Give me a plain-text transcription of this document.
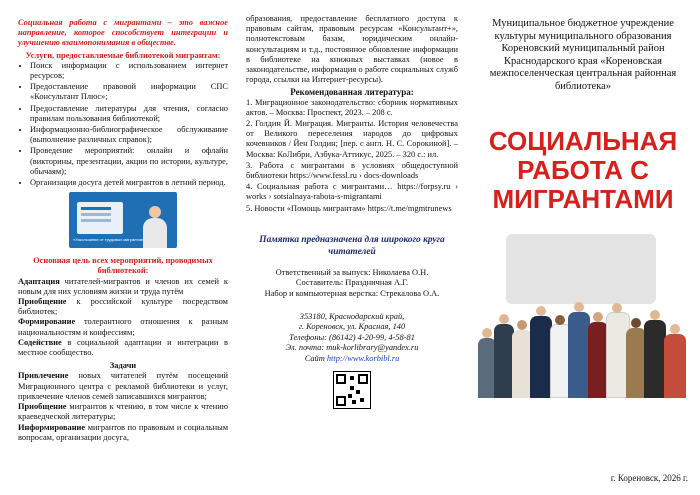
Социальная работа с мигрантами – это важное направление, которое способствует интеграции и улучшению взаимопонимания в обществе.

Услуги, предоставляемые библиотекой мигрантам:

• Поиск информации с использованием интернет ресурсов;
• Предоставление правовой информации СПС «Консультант Плюс»;
• Предоставление литературы для чтения, согласно правилам пользования библиотекой;
• Информационно-библиографическое обслуживание (выполнение различных справок);
• Проведение мероприятий: онлайн и офлайн (викторины, презентации, акции по истории, культуре, обычаям);
• Организация досуга детей мигрантов в летний период.
«Ускользание от трудовых мигрантов»

Основная цель всех мероприятий, проводимых библиотекой:

Адаптация читателей-мигрантов и членов их семей к новым для них условиям жизни и труда путём

Приобщение к российской культуре посредством библиотек;

Формирование толерантного отношения к разным национальностям и конфессиям;

Содействие в социальной адаптации и интеграции в местное сообщество.

Задачи

Привлечение новых читателей путём посещений Миграционного центра с рекламой библиотеки и услуг, привлечение членов семей записавшихся мигрантов;

Приобщение мигрантов к чтению, в том числе к чтению краеведческой литературы;

Информирование мигрантов по правовым и социальным вопросам, организации досуга,

образования, предоставление бесплатного доступа к правовым сайтам, правовым ресурсам «Консультант+», полнотекстовым базам, юридическим онлайн-консультациям и т.д., постоянное обновление информации в библиотеке на книжных выставках (новое в законодательстве, информация о работе социальных служб города, ссылки на Интернет-ресурсы).

Рекомендованная литература:

1. Миграционное законодательство: сборник нормативных актов. – Москва: Проспект, 2023. – 208 с.
2. Голдин Й. Миграция. Мигранты. История человечества от Великого переселения народов до цифровых кочевников / Йен Голдин; [пер. с англ. Н. С. Сорокиной]. – Москва: КоЛибри, Азбука-Аттикус, 2025. – 320 с.: ил.
3. Работа с мигрантами в условиях общедоступной библиотеки https://www.fessl.ru › docs-downloads
4. Социальная работа с мигрантами… https://forpsy.ru › works › sotsialnaya-rabota-s-migrantami
5. Новости «Помощь мигрантам» https://t.me/mgmtrunews

Памятка предназначена для широкого круга читателей

Ответственный за выпуск: Николаева О.Н.

Составитель: Праздничная А.Г.

Набор и компьютерная верстка: Стрекалова О.А.

353180, Краснодарский край,

г. Кореновск, ул. Красная, 140

Телефоны: (86142) 4-20-99, 4-58-81

Эл. почта: muk-korlibrary@yandex.ru

Сайт http://www.korbibl.ru

Муниципальное бюджетное учреждение культуры муниципального образования Кореновский муниципальный район Краснодарского края «Кореновская межпоселенческая центральная районная библиотека»

СОЦИАЛЬНАЯ РАБОТА С МИГРАНТАМИ

г. Кореновск, 2026 г.
